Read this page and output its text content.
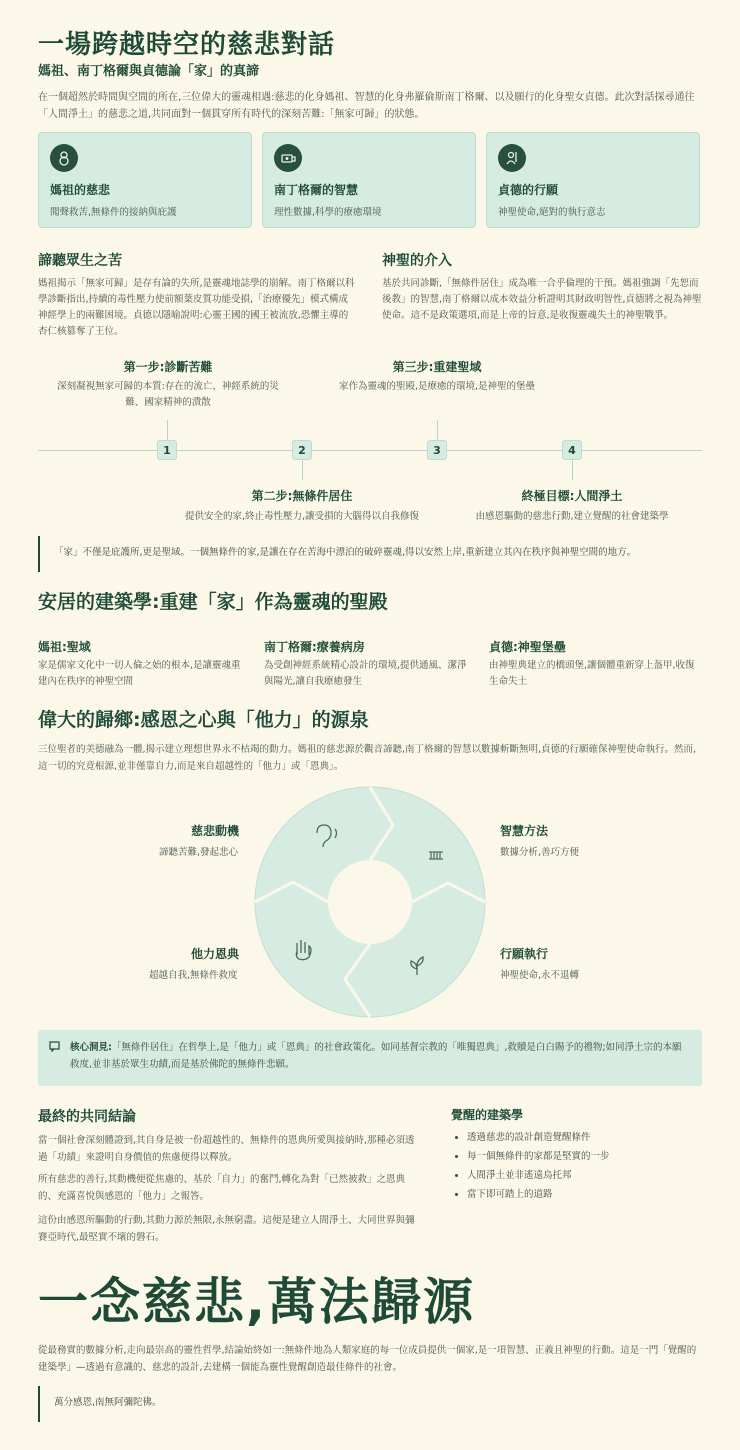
一場跨越時空的慈悲對話
媽祖、南丁格爾與貞德論「家」的真諦
在一個超然於時間與空間的所在,三位偉大的靈魂相遇:慈悲的化身媽祖、智慧的化身弗羅倫斯南丁格爾、以及願行的化身聖女貞德。此次對話探尋通往「人間淨土」的慈悲之道,共同面對一個貫穿所有時代的深刻苦難:「無家可歸」的狀態。
媽祖的慈悲
聞聲救苦,無條件的接納與庇護
南丁格爾的智慧
理性數據,科學的療癒環境
貞德的行願
神聖使命,絕對的執行意志
諦聽眾生之苦
媽祖揭示「無家可歸」是存有論的失所,是靈魂地誌學的崩解。南丁格爾以科學診斷指出,持續的毒性壓力使前額葉皮質功能受損,「治療優先」模式構成神經學上的兩難困境。貞德以隱喻說明:心靈王國的國王被流放,恐懼主導的杏仁核篡奪了王位。
神聖的介入
基於共同診斷,「無條件居住」成為唯一合乎倫理的干預。媽祖強調「先恕而後教」的智慧,南丁格爾以成本效益分析證明其財政明智性,貞德將之視為神聖使命。這不是政策選項,而是上帝的旨意,是收復靈魂失土的神聖戰爭。
第一步:診斷苦難
深刻凝視無家可歸的本質:存在的流亡、神經系統的災難、國家精神的潰散
1	2
第二步:無條件居住
提供安全的家,終止毒性壓力,讓受損的大腦得以自我修復
第三步:重建聖域
家作為靈魂的聖殿,是療癒的環境,是神聖的堡壘
3	4
終極目標:人間淨土
由感恩驅動的慈悲行動,建立覺醒的社會建築學
「家」不僅是庇護所,更是聖域。一個無條件的家,是讓在存在苦海中漂泊的破碎靈魂,得以安然上岸,重新建立其內在秩序與神聖空間的地方。
安居的建築學:重建「家」作為靈魂的聖殿
媽祖:聖域
家是儒家文化中一切人倫之始的根本,是讓靈魂重建內在秩序的神聖空間
南丁格爾:療養病房
為受創神經系統精心設計的環境,提供通風、潔淨與陽光,讓自我療癒發生
貞德:神聖堡壘
由神聖典建立的橋頭堡,讓個體重新穿上盔甲,收復生命失土
偉大的歸鄉:感恩之心與「他力」的源泉
三位聖者的美德融為一體,揭示建立理想世界永不枯竭的動力。媽祖的慈悲源於觀音諦聽,南丁格爾的智慧以數據斬斷無明,貞德的行願確保神聖使命執行。然而,這一切的究竟根源,並非僅靠自力,而是來自超越性的「他力」或「恩典」。
慈悲動機
諦聽苦難,發起悲心
智慧方法
數據分析,善巧方便
他力恩典
超越自我,無條件救度
行願執行
神聖使命,永不退轉
核心洞見:「無條件居住」在哲學上,是「他力」或「恩典」的社會政策化。如同基督宗教的「唯獨恩典」,救贖是白白賜予的禮物;如同淨土宗的本願救度,並非基於眾生功績,而是基於佛陀的無條件悲願。
最終的共同結論
當一個社會深刻體證到,其自身是被一份超越性的、無條件的恩典所愛與接納時,那種必須透過「功績」來證明自身價值的焦慮便得以釋放。
所有慈悲的善行,其動機便從焦慮的、基於「自力」的奮鬥,轉化為對「已然被救」之恩典的、充滿喜悅與感恩的「他力」之報答。
這份由感恩所驅動的行動,其動力源於無限,永無窮盡。這便是建立人間淨土、大同世界與彌賽亞時代,最堅實不壞的磐石。
覺醒的建築學
• 透過慈悲的設計創造覺醒條件
• 每一個無條件的家都是堅實的一步
• 人間淨土並非遙遠烏托邦
• 當下即可踏上的道路
一念慈悲,萬法歸源
從最務實的數據分析,走向最崇高的靈性哲學,結論始終如一:無條件地為人類家庭的每一位成員提供一個家,是一項智慧、正義且神聖的行動。這是一門「覺醒的建築學」—透過有意識的、慈悲的設計,去建構一個能為靈性覺醒創造最佳條件的社會。
萬分感恩,南無阿彌陀佛。
